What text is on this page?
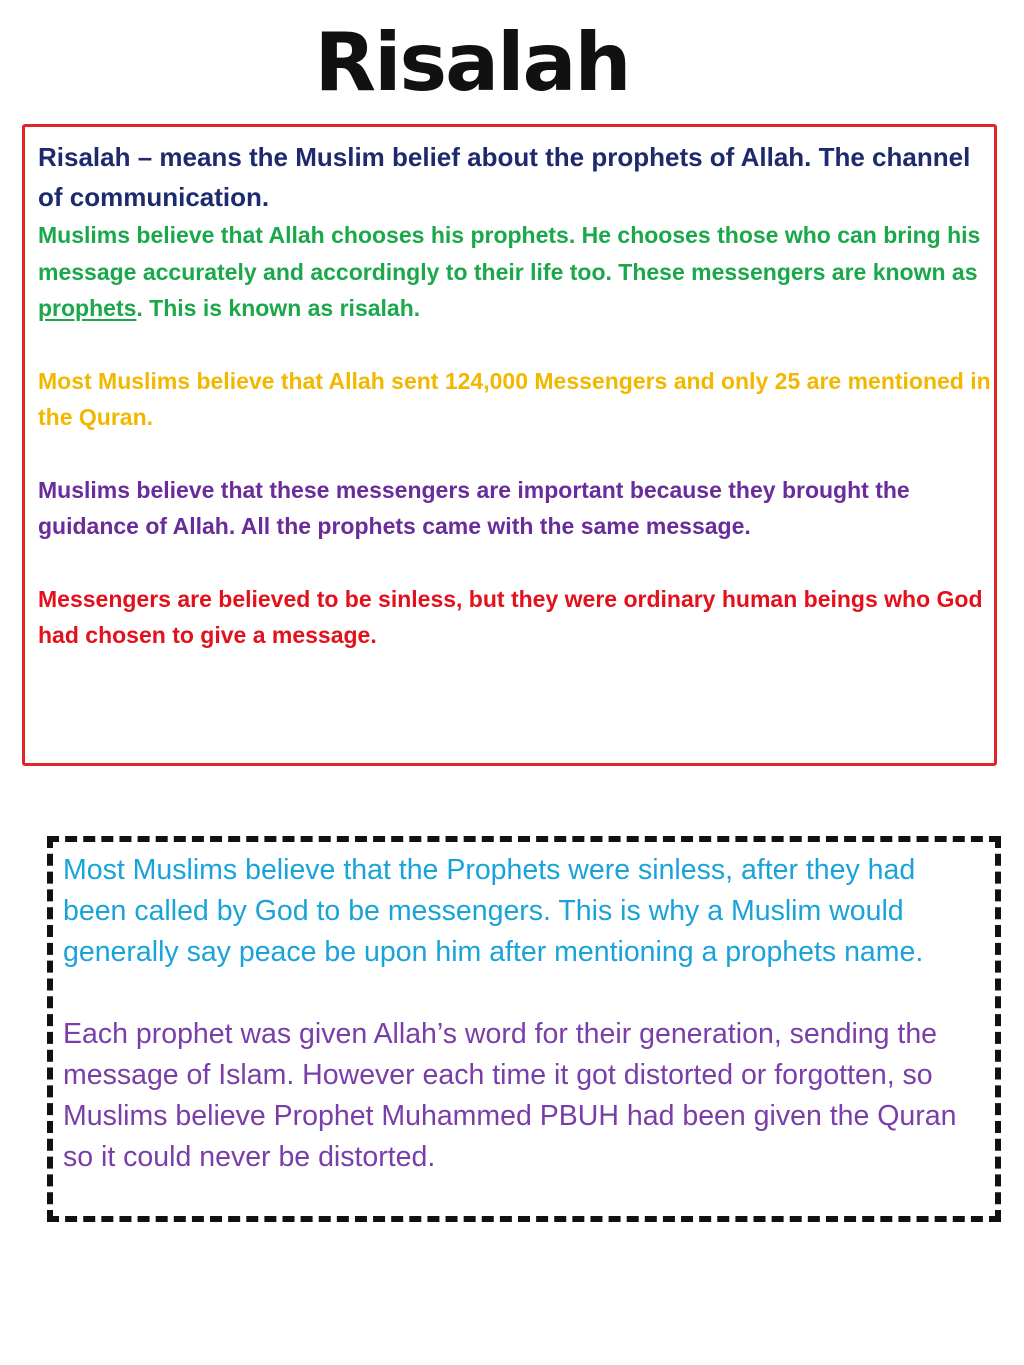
Risalah

Risalah – means the Muslim belief about the prophets of Allah. The channel of communication.

Muslims believe that Allah chooses his prophets. He chooses those who can bring his message accurately and accordingly to their life too. These messengers are known as prophets. This is known as risalah.

Most Muslims believe that Allah sent 124,000 Messengers and only 25 are mentioned in the Quran.

Muslims believe that these messengers are important because they brought the guidance of Allah. All the prophets came with the same message.

Messengers are believed to be sinless, but they were ordinary human beings who God had chosen to give a message.

Most Muslims believe that the Prophets were sinless, after they had been called by God to be messengers. This is why a Muslim would generally say peace be upon him after mentioning a prophets name.

Each prophet was given Allah’s word for their generation, sending the message of Islam. However each time it got distorted or forgotten, so Muslims believe Prophet Muhammed PBUH had been given the Quran so it could never be distorted.
